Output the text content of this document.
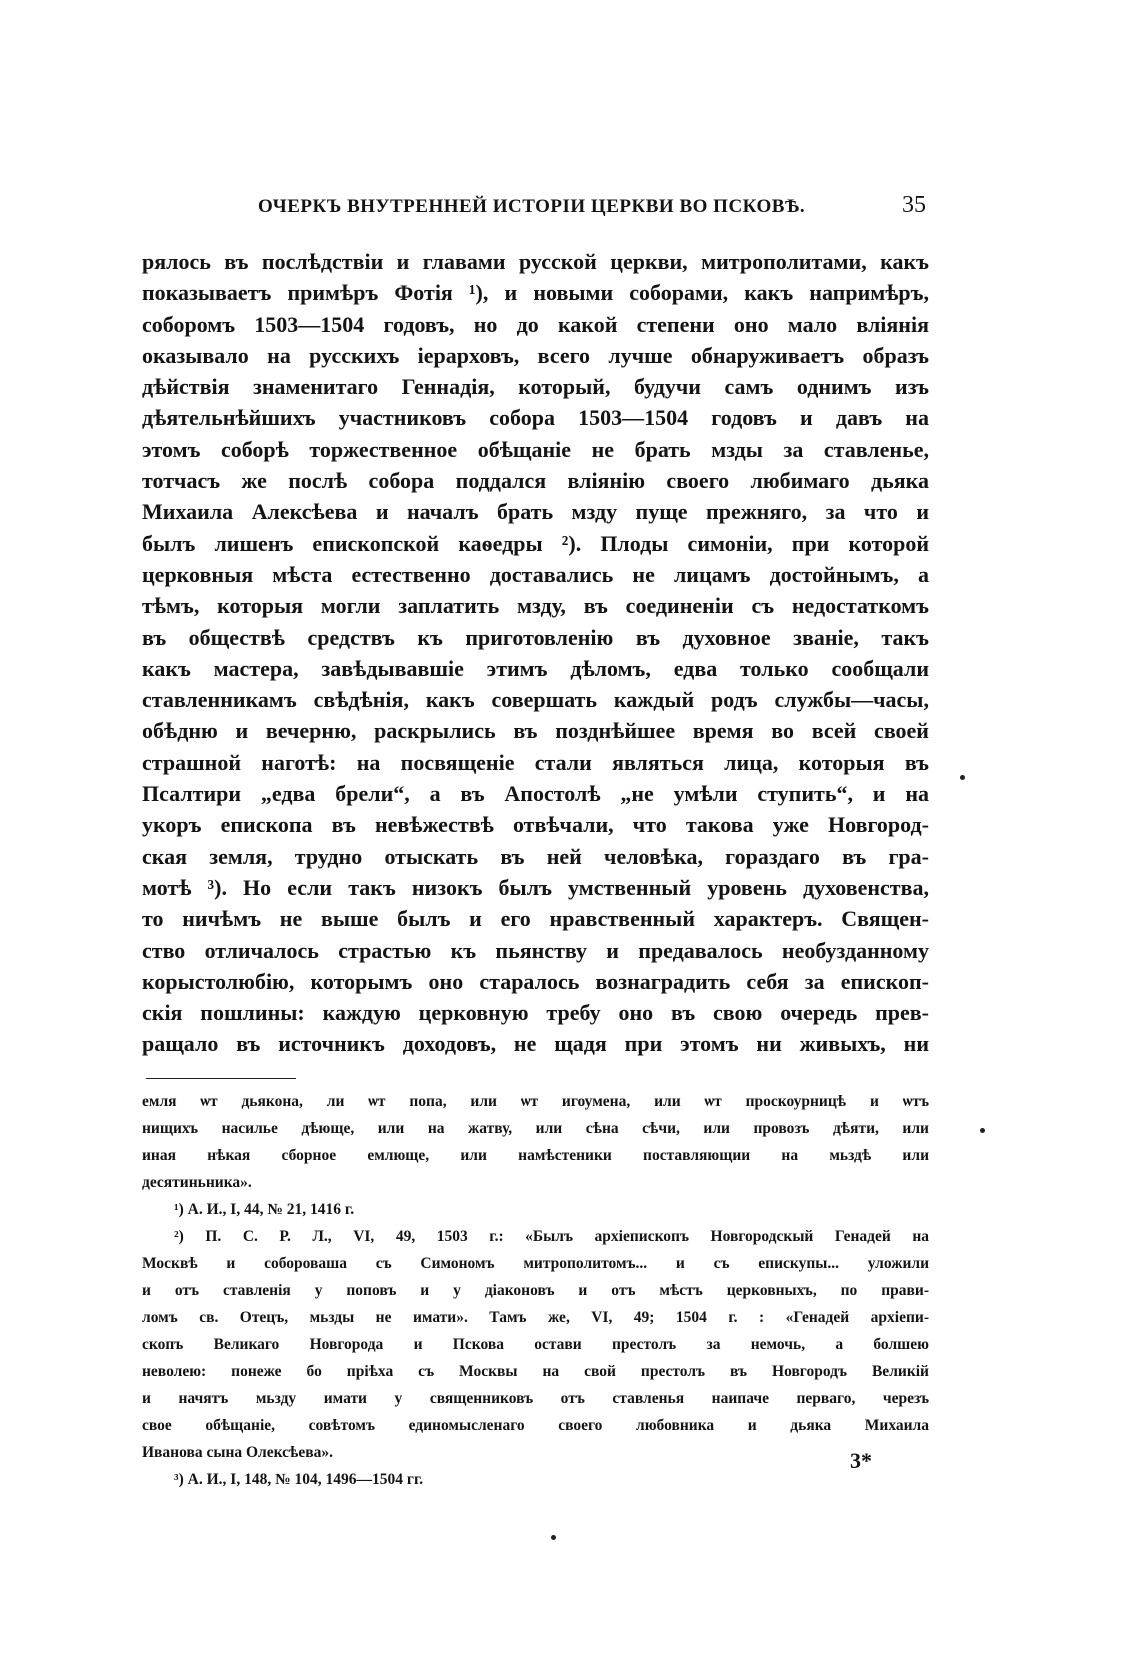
ОЧЕРКЪ ВНУТРЕННЕЙ ИСТОРІИ ЦЕРКВИ ВО ПСКОВѢ.	35
рялось въ послѣдствіи и главами русской церкви, митрополитами, какъ
показываетъ примѣръ Фотія ¹), и новыми соборами, какъ напримѣръ,
соборомъ 1503—1504 годовъ, но до какой степени оно мало вліянія
оказывало на русскихъ іерарховъ, всего лучше обнаруживаетъ образъ
дѣйствія знаменитаго Геннадія, который, будучи самъ однимъ изъ
дѣятельнѣйшихъ участниковъ собора 1503—1504 годовъ и давъ на
этомъ соборѣ торжественное обѣщаніе не брать мзды за ставленье,
тотчасъ же послѣ собора поддался вліянію своего любимаго дьяка
Михаила Алексѣева и началъ брать мзду пуще прежняго, за что и
былъ лишенъ епископской каѳедры ²). Плоды симоніи, при которой
церковныя мѣста естественно доставались не лицамъ достойнымъ, а
тѣмъ, которыя могли заплатить мзду, въ соединеніи съ недостаткомъ
въ обществѣ средствъ къ приготовленію въ духовное званіе, такъ
какъ мастера, завѣдывавшіе этимъ дѣломъ, едва только сообщали
ставленникамъ свѣдѣнія, какъ совершать каждый родъ службы—часы,
обѣдню и вечерню, раскрылись въ позднѣйшее время во всей своей
страшной наготѣ: на посвященіе стали являться лица, которыя въ
Псалтири „едва брели“, а въ Апостолѣ „не умѣли ступить“, и на
укоръ епископа въ невѣжествѣ отвѣчали, что такова уже Новгород-
ская земля, трудно отыскать въ ней человѣка, гораздаго въ гра-
мотѣ ³). Но если такъ низокъ былъ умственный уровень духовенства,
то ничѣмъ не выше былъ и его нравственный характеръ. Священ-
ство отличалось страстью къ пьянству и предавалось необузданному
корыстолюбію, которымъ оно старалось вознаградить себя за епископ-
скія пошлины: каждую церковную требу оно въ свою очередь прев-
ращало въ источникъ доходовъ, не щадя при этомъ ни живыхъ, ни
емля ѡт дьякона, ли ѡт попа, или ѡт игоумена, или ѡт проскоурницѣ и ѡтъ
нищихъ насилье дѣюще, или на жатву, или сѣна сѣчи, или провозъ дѣяти, или
иная нѣкая сборное емлюще, или намѣстеники поставляющии на мьздѣ или
десятиньника».
¹) А. И., I, 44, № 21, 1416 г.
²) П. С. Р. Л., VI, 49, 1503 г.: «Былъ архіепископъ Новгородскый Генадей на
Москвѣ и собороваша съ Симономъ митрополитомъ... и съ епискупы... уложили
и отъ ставленія у поповъ и у діаконовъ и отъ мѣстъ церковныхъ, по прави-
ломъ св. Отецъ, мьзды не имати». Тамъ же, VI, 49; 1504 г. : «Генадей архіепи-
скопъ Великаго Новгорода и Пскова остави престолъ за немочь, а болшею
неволею: понеже бо пріѣха съ Москвы на свой престолъ въ Новгородъ Великій
и начятъ мьзду имати у священниковъ отъ ставленья наипаче перваго, черезъ
свое обѣщаніе, совѣтомъ единомысленаго своего любовника и дьяка Михаила
Иванова сына Олексѣева».
³) А. И., I, 148, № 104, 1496—1504 гг.
3*
